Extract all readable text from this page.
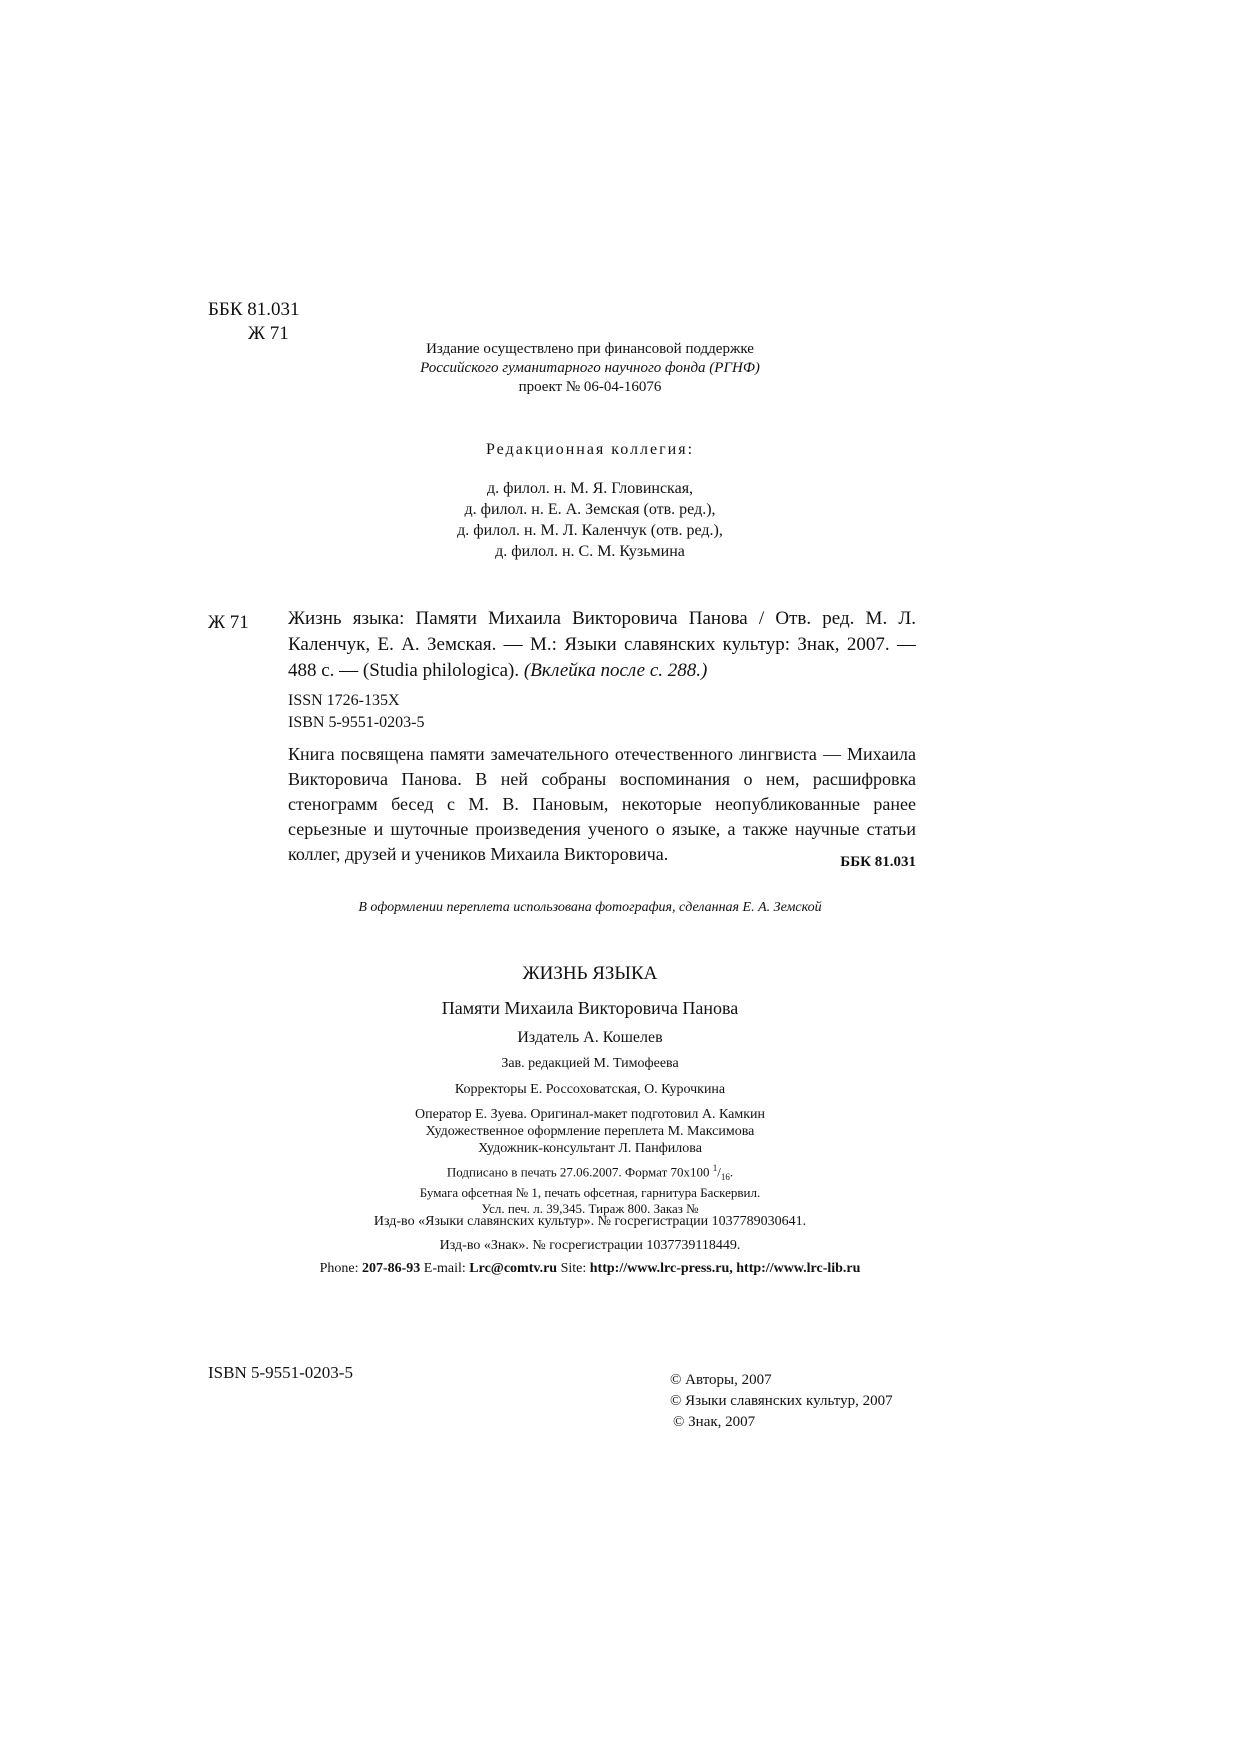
ББК 81.031
Ж 71
Издание осуществлено при финансовой поддержке
Российского гуманитарного научного фонда (РГНФ)
проект № 06-04-16076
Редакционная коллегия:
д. филол. н. М. Я. Гловинская,
д. филол. н. Е. А. Земская (отв. ред.),
д. филол. н. М. Л. Каленчук (отв. ред.),
д. филол. н. С. М. Кузьмина
Ж 71 Жизнь языка: Памяти Михаила Викторовича Панова / Отв. ред. М. Л. Каленчук, Е. А. Земская. — М.: Языки славянских культур: Знак, 2007. — 488 с. — (Studia philologica). (Вклейка после с. 288.)
ISSN 1726-135X
ISBN 5-9551-0203-5
Книга посвящена памяти замечательного отечественного лингвиста — Михаила Викторовича Панова. В ней собраны воспоминания о нем, расшифровка стенограмм бесед с М. В. Пановым, некоторые неопубликованные ранее серьезные и шуточные произведения ученого о языке, а также научные статьи коллег, друзей и учеников Михаила Викторовича.	ББК 81.031
В оформлении переплета использована фотография, сделанная Е. А. Земской
ЖИЗНЬ ЯЗЫКА
Памяти Михаила Викторовича Панова
Издатель А. Кошелев
Зав. редакцией М. Тимофеева
Корректоры Е. Россоховатская, О. Курочкина
Оператор Е. Зуева. Оригинал-макет подготовил А. Камкин
Художественное оформление переплета М. Максимова
Художник-консультант Л. Панфилова
Подписано в печать 27.06.2007. Формат 70x100 $^1/_{16}$.
Бумага офсетная № 1, печать офсетная, гарнитура Баскервил.
Усл. печ. л. 39,345. Тираж 800. Заказ №
Изд-во «Языки славянских культур». № госрегистрации 1037789030641.
Изд-во «Знак». № госрегистрации 1037739118449.
Phone: 207-86-93 E-mail: Lrc@comtv.ru Site: http://www.lrc-press.ru, http://www.lrc-lib.ru
ISBN 5-9551-0203-5	© Авторы, 2007
© Языки славянских культур, 2007
© Знак, 2007
